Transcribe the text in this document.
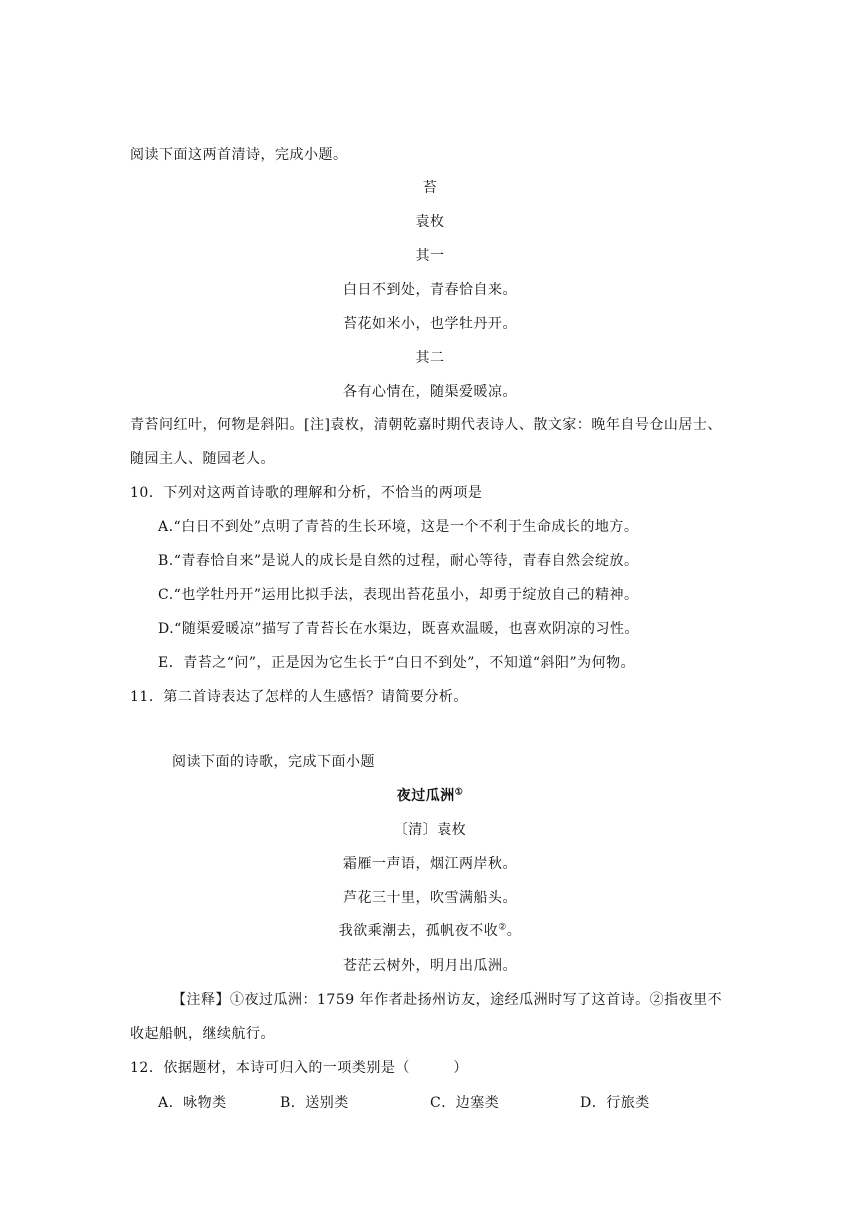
阅读下面这两首清诗，完成小题。
苔
袁枚
其一
白日不到处，青春恰自来。
苔花如米小，也学牡丹开。
其二
各有心情在，随渠爱暖凉。
青苔问红叶，何物是斜阳。[注]袁枚，清朝乾嘉时期代表诗人、散文家：晚年自号仓山居士、
随园主人、随园老人。
10．下列对这两首诗歌的理解和分析，不恰当的两项是
A.“白日不到处”点明了青苔的生长环境，这是一个不利于生命成长的地方。
B.“青春恰自来”是说人的成长是自然的过程，耐心等待，青春自然会绽放。
C.“也学牡丹开”运用比拟手法，表现出苔花虽小，却勇于绽放自己的精神。
D.“随渠爱暖凉”描写了青苔长在水渠边，既喜欢温暖，也喜欢阴凉的习性。
E．青苔之“问”，正是因为它生长于“白日不到处”，不知道“斜阳”为何物。
11．第二首诗表达了怎样的人生感悟？请简要分析。
阅读下面的诗歌，完成下面小题
夜过瓜洲①
〔清〕袁枚
霜雁一声语，烟江两岸秋。
芦花三十里，吹雪满船头。
我欲乘潮去，孤帆夜不收②。
苍茫云树外，明月出瓜洲。
【注释】①夜过瓜洲：1759 年作者赴扬州访友，途经瓜洲时写了这首诗。②指夜里不
收起船帆，继续航行。
12．依据题材，本诗可归入的一项类别是（　　　）
A．咏物类	B．送别类	C．边塞类	D．行旅类
